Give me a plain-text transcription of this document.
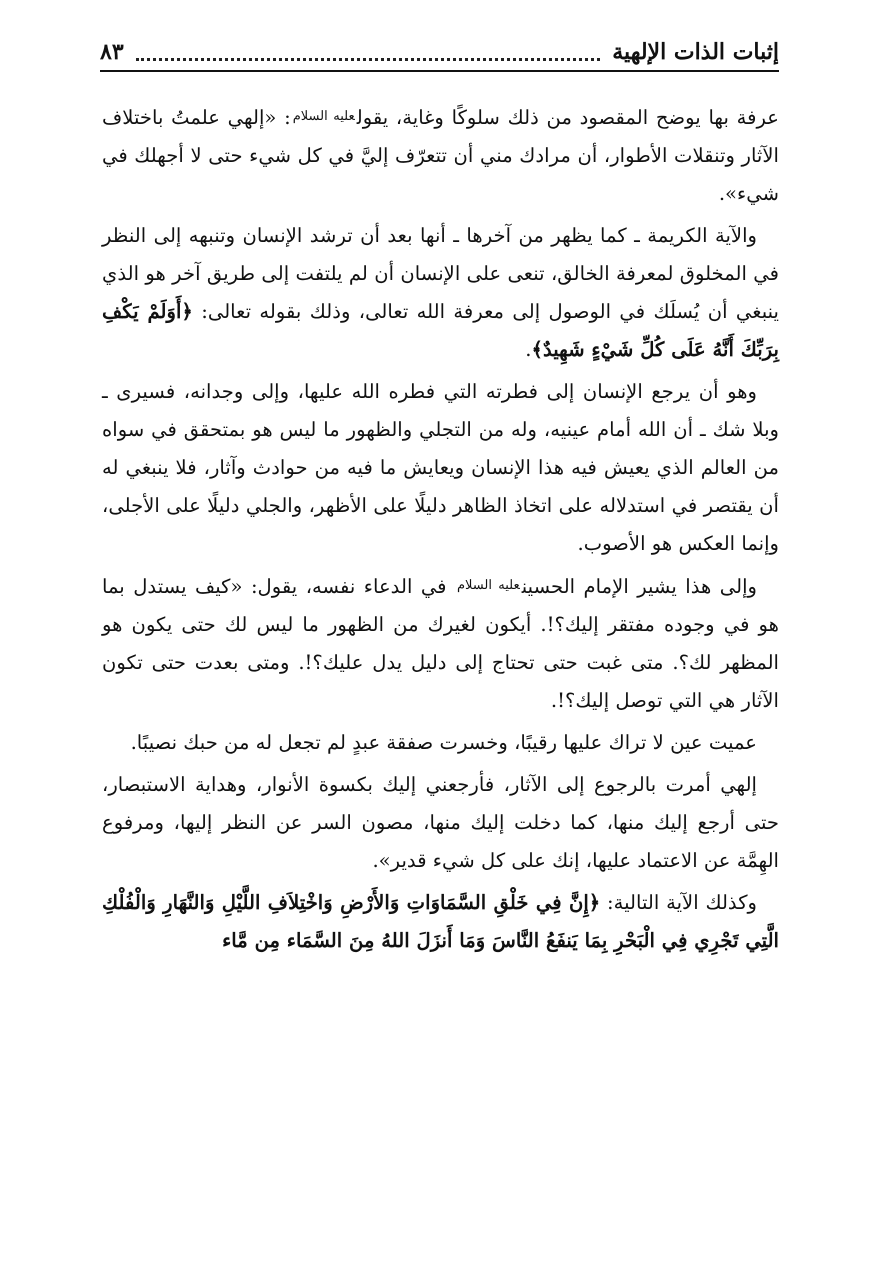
إثبات الذات الإلهية
٨٣

عرفة بها يوضح المقصود من ذلك سلوكًا وغاية، يقول$^{عليه السلام}$: «إلهي علمتُ باختلاف الآثار وتنقلات الأطوار، أن مرادك مني أن تتعرّف إليَّ في كل شيء حتى لا أجهلك في شيء».

والآية الكريمة ـ كما يظهر من آخرها ـ أنها بعد أن ترشد الإنسان وتنبهه إلى النظر في المخلوق لمعرفة الخالق، تنعى على الإنسان أن لم يلتفت إلى طريق آخر هو الذي ينبغي أن يُسلَك في الوصول إلى معرفة الله تعالى، وذلك بقوله تعالى: ﴿أَوَلَمْ يَكْفِ بِرَبِّكَ أَنَّهُ عَلَى كُلِّ شَيْءٍ شَهِيدٌ﴾.

وهو أن يرجع الإنسان إلى فطرته التي فطره الله عليها، وإلى وجدانه، فسيرى ـ وبلا شك ـ أن الله أمام عينيه، وله من التجلي والظهور ما ليس هو بمتحقق في سواه من العالم الذي يعيش فيه هذا الإنسان ويعايش ما فيه من حوادث وآثار، فلا ينبغي له أن يقتصر في استدلاله على اتخاذ الظاهر دليلًا على الأظهر، والجلي دليلًا على الأجلى، وإنما العكس هو الأصوب.

وإلى هذا يشير الإمام الحسين$^{عليه السلام}$ في الدعاء نفسه، يقول: «كيف يستدل بما هو في وجوده مفتقر إليك؟!. أيكون لغيرك من الظهور ما ليس لك حتى يكون هو المظهر لك؟. متى غبت حتى تحتاج إلى دليل يدل عليك؟!. ومتى بعدت حتى تكون الآثار هي التي توصل إليك؟!.

عميت عين لا تراك عليها رقيبًا، وخسرت صفقة عبدٍ لم تجعل له من حبك نصيبًا.

إلهي أمرت بالرجوع إلى الآثار، فأرجعني إليك بكسوة الأنوار، وهداية الاستبصار، حتى أرجع إليك منها، كما دخلت إليك منها، مصون السر عن النظر إليها، ومرفوع الهِمَّة عن الاعتماد عليها، إنك على كل شيء قدير».

وكذلك الآية التالية: ﴿إِنَّ فِي خَلْقِ السَّمَاوَاتِ وَالأَرْضِ وَاخْتِلاَفِ اللَّيْلِ وَالنَّهَارِ وَالْفُلْكِ الَّتِي تَجْرِي فِي الْبَحْرِ بِمَا يَنفَعُ النَّاسَ وَمَا أَنزَلَ اللهُ مِنَ السَّمَاء مِن مَّاء
